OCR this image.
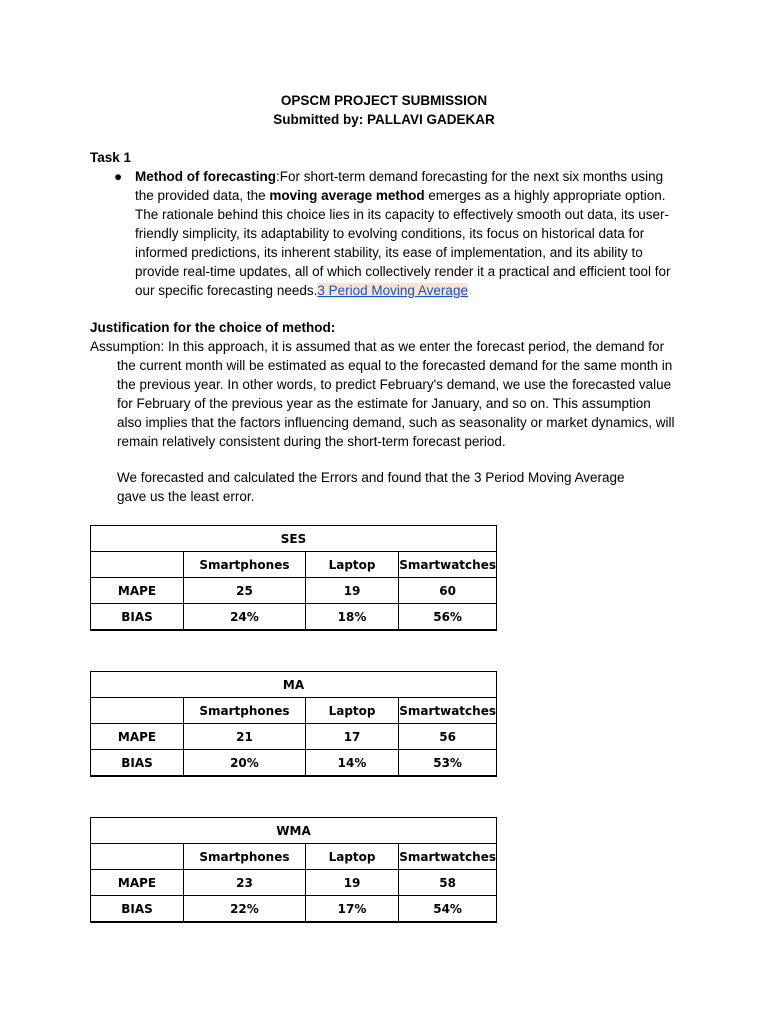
OPSCM PROJECT SUBMISSION
Submitted by: PALLAVI GADEKAR
Task 1
● Method of forecasting:For short-term demand forecasting for the next six months using the provided data, the moving average method emerges as a highly appropriate option. The rationale behind this choice lies in its capacity to effectively smooth out data, its user-friendly simplicity, its adaptability to evolving conditions, its focus on historical data for informed predictions, its inherent stability, its ease of implementation, and its ability to provide real-time updates, all of which collectively render it a practical and efficient tool for our specific forecasting needs.3 Period Moving Average
Justification for the choice of method:
Assumption: In this approach, it is assumed that as we enter the forecast period, the demand for the current month will be estimated as equal to the forecasted demand for the same month in the previous year. In other words, to predict February's demand, we use the forecasted value for February of the previous year as the estimate for January, and so on. This assumption also implies that the factors influencing demand, such as seasonality or market dynamics, will remain relatively consistent during the short-term forecast period.
We forecasted and calculated the Errors and found that the 3 Period Moving Average gave us the least error.
SES			
	Smartphones	Laptop	Smartwatches
MAPE	25	19	60
BIAS	24%	18%	56%
MA			
	Smartphones	Laptop	Smartwatches
MAPE	21	17	56
BIAS	20%	14%	53%
WMA			
	Smartphones	Laptop	Smartwatches
MAPE	23	19	58
BIAS	22%	17%	54%
